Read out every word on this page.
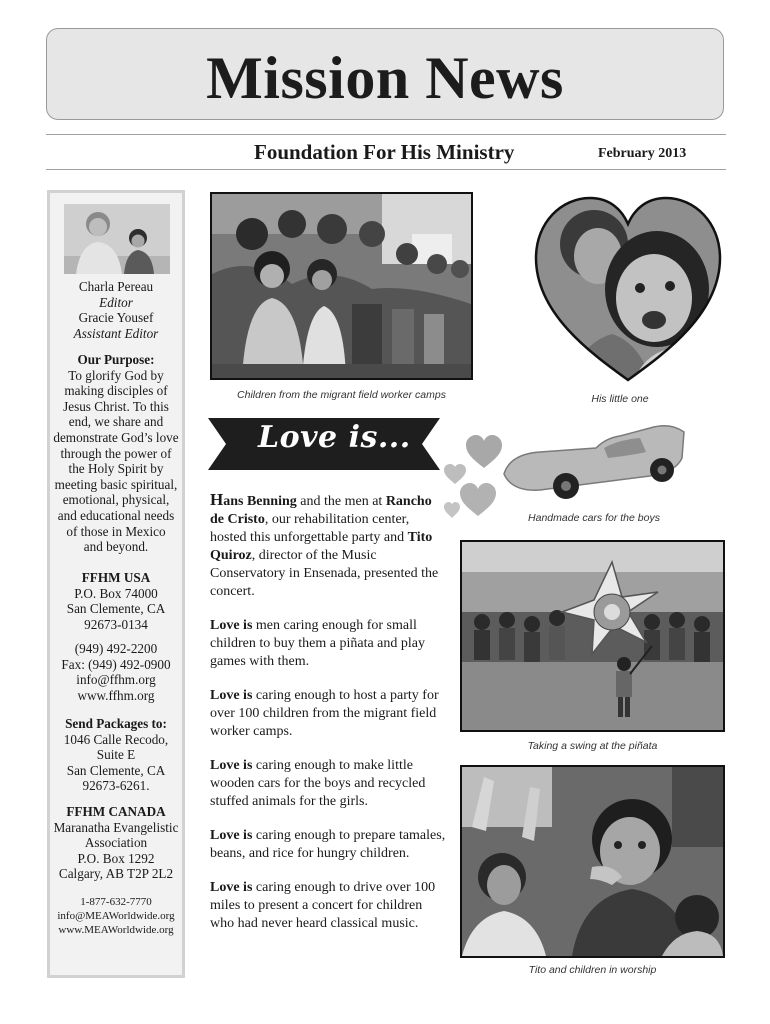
Mission News
Foundation For His Ministry	February 2013
Charla Pereau
Editor
Gracie Yousef
Assistant Editor
Our Purpose:
To glorify God by
making disciples of
Jesus Christ. To this
end, we share and
demonstrate God’s love
through the power of
the Holy Spirit by
meeting basic spiritual,
emotional, physical,
and educational needs
of those in Mexico
and beyond.
FFHM USA
P.O. Box 74000
San Clemente, CA
92673-0134
(949) 492-2200
Fax: (949) 492-0900
info@ffhm.org
www.ffhm.org
Send Packages to:
1046 Calle Recodo,
Suite E
San Clemente, CA
92673-6261.
FFHM CANADA
Maranatha Evangelistic
Association
P.O. Box 1292
Calgary, AB T2P 2L2
1-877-632-7770
info@MEAWorldwide.org
www.MEAWorldwide.org
Children from the migrant field worker camps	His little one
Love is...
Handmade cars for the boys
Taking a swing at the piñata
Tito and children in worship

Hans Benning and the men at Rancho de Cristo, our rehabilitation center, hosted this unforgettable party and Tito Quiroz, director of the Music Conservatory in Ensenada, presented the concert.

Love is men caring enough for small children to buy them a piñata and play games with them.

Love is caring enough to host a party for over 100 children from the migrant field worker camps.

Love is caring enough to make little wooden cars for the boys and recycled stuffed animals for the girls.

Love is caring enough to prepare tamales, beans, and rice for hungry children.

Love is caring enough to drive over 100 miles to present a concert for children who had never heard classical music.
